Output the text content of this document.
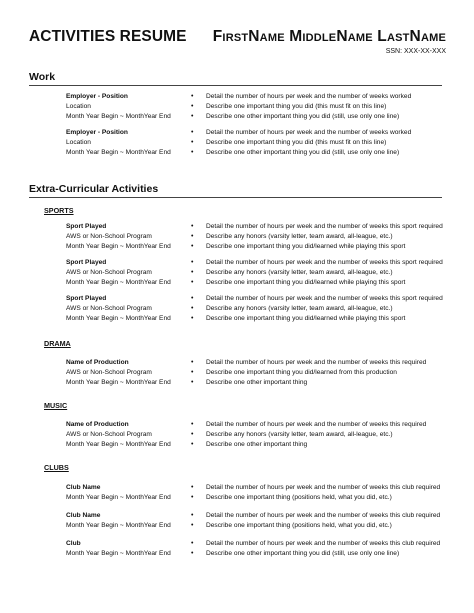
ACTIVITIES RESUME FirstName MiddleName LastName
SSN: XXX-XX-XXX
Work
Employer - Position
Location
Month Year Begin ~ MonthYear End
• Detail the number of hours per week and the number of weeks worked
• Describe one important thing you did (this must fit on this line)
• Describe one other important thing you did (still, use only one line)
Employer - Position
Location
Month Year Begin ~ MonthYear End
• Detail the number of hours per week and the number of weeks worked
• Describe one important thing you did (this must fit on this line)
• Describe one other important thing you did (still, use only one line)
Extra-Curricular Activities
SPORTS
Sport Played
AWS or Non-School Program
Month Year Begin ~ MonthYear End
• Detail the number of hours per week and the number of weeks this sport required
• Describe any honors (varsity letter, team award, all-league, etc.)
• Describe one important thing you did/learned while playing this sport
Sport Played
AWS or Non-School Program
Month Year Begin ~ MonthYear End
• Detail the number of hours per week and the number of weeks this sport required
• Describe any honors (varsity letter, team award, all-league, etc.)
• Describe one important thing you did/learned while playing this sport
Sport Played
AWS or Non-School Program
Month Year Begin ~ MonthYear End
• Detail the number of hours per week and the number of weeks this sport required
• Describe any honors (varsity letter, team award, all-league, etc.)
• Describe one important thing you did/learned while playing this sport
DRAMA
Name of Production
AWS or Non-School Program
Month Year Begin ~ MonthYear End
• Detail the number of hours per week and the number of weeks this required
• Describe one important thing you did/learned from this production
• Describe one other important thing
MUSIC
Name of Production
AWS or Non-School Program
Month Year Begin ~ MonthYear End
• Detail the number of hours per week and the number of weeks this required
• Describe any honors (varsity letter, team award, all-league, etc.)
• Describe one other important thing
CLUBS
Club Name
Month Year Begin ~ MonthYear End
• Detail the number of hours per week and the number of weeks this club required
• Describe one important thing (positions held, what you did, etc.)
Club Name
Month Year Begin ~ MonthYear End
• Detail the number of hours per week and the number of weeks this club required
• Describe one important thing (positions held, what you did, etc.)
Club
Month Year Begin ~ MonthYear End
• Detail the number of hours per week and the number of weeks this club required
• Describe one other important thing you did (still, use only one line)
